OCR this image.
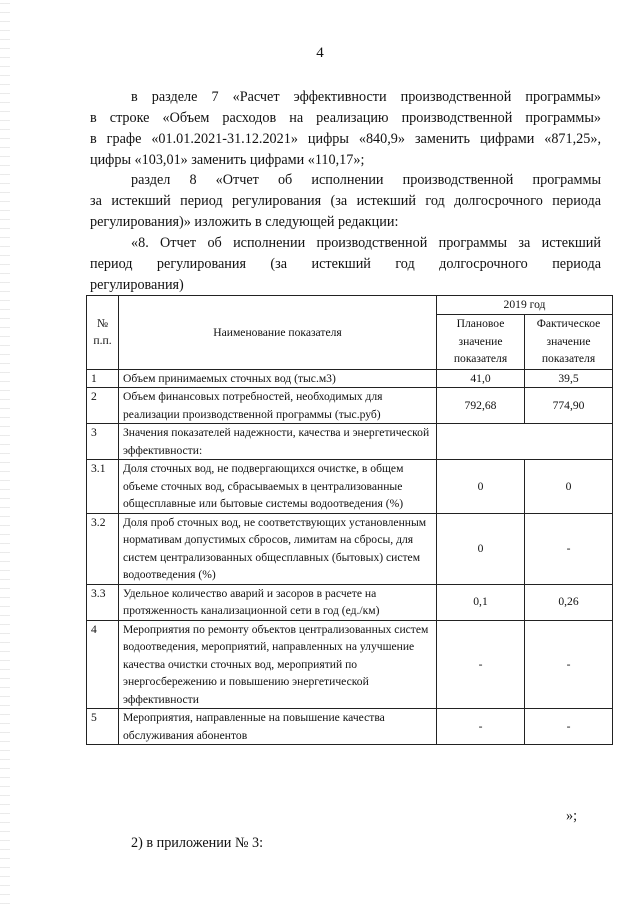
4
в разделе 7 «Расчет эффективности производственной программы»
в строке «Объем расходов на реализацию производственной программы»
в графе «01.01.2021-31.12.2021» цифры «840,9» заменить цифрами «871,25»,
цифры «103,01» заменить цифрами «110,17»;
раздел 8 «Отчет об исполнении производственной программы
за истекший период регулирования (за истекший год долгосрочного периода
регулирования)» изложить в следующей редакции:
«8. Отчет об исполнении производственной программы за истекший
период регулирования (за истекший год долгосрочного периода
регулирования)
№ п.п.	Наименование показателя	2019 год	
		Плановое значение показателя	Фактическое значение показателя
1	Объем принимаемых сточных вод (тыс.м3)	41,0	39,5
2	Объем финансовых потребностей, необходимых для реализации производственной программы (тыс.руб)	792,68	774,90
3	Значения показателей надежности, качества и энергетической эффективности:		
3.1	Доля сточных вод, не подвергающихся очистке, в общем объеме сточных вод, сбрасываемых в централизованные общесплавные или бытовые системы водоотведения (%)	0	0
3.2	Доля проб сточных вод, не соответствующих установленным нормативам допустимых сбросов, лимитам на сбросы, для систем централизованных общесплавных (бытовых) систем водоотведения (%)	0	-
3.3	Удельное количество аварий и засоров в расчете на протяженность канализационной сети в год (ед./км)	0,1	0,26
4	Мероприятия по ремонту объектов централизованных систем водоотведения, мероприятий, направленных на улучшение качества очистки сточных вод, мероприятий по энергосбережению и повышению энергетической эффективности	-	-
5	Мероприятия, направленные на повышение качества обслуживания абонентов	-	-
»;
2) в приложении № 3:
